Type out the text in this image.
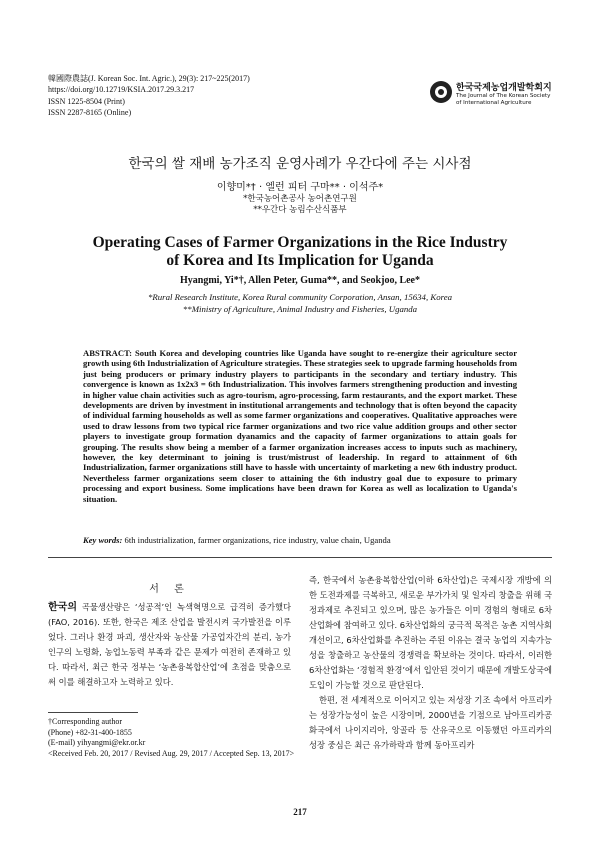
韓國際農誌(J. Korean Soc. Int. Agric.), 29(3): 217~225(2017)
https://doi.org/10.12719/KSIA.2017.29.3.217
ISSN 1225-8504 (Print)
ISSN 2287-8165 (Online)
한국국제농업개발학회지
The Journal of The Korean Society
of International Agriculture
한국의 쌀 재배 농가조직 운영사례가 우간다에 주는 시사점
이향미*† · 엘런 피터 구마** · 이석주*
*한국농어촌공사 농어촌연구원
**우간다 농림수산식품부
Operating Cases of Farmer Organizations in the Rice Industry
of Korea and Its Implication for Uganda
Hyangmi, Yi*†, Allen Peter, Guma**, and Seokjoo, Lee*
*Rural Research Institute, Korea Rural community Corporation, Ansan, 15634, Korea
**Ministry of Agriculture, Animal Industry and Fisheries, Uganda
ABSTRACT: South Korea and developing countries like Uganda have sought to re-energize their agriculture sector growth using 6th Industrialization of Agriculture strategies. These strategies seek to upgrade farming households from just being producers or primary industry players to participants in the secondary and tertiary industry. This convergence is known as 1x2x3 = 6th Industrialization. This involves farmers strengthening production and investing in higher value chain activities such as agro-tourism, agro-processing, farm restaurants, and the export market. These developments are driven by investment in institutional arrangements and technology that is often beyond the capacity of individual farming households as well as some farmer organizations and cooperatives. Qualitative approaches were used to draw lessons from two typical rice farmer organizations and two rice value addition groups and other sector players to investigate group formation dyanamics and the capacity of farmer organizations to attain goals for grouping. The results show being a member of a farmer organization increases access to inputs such as machinery, however, the key determinant to joining is trust/mistrust of leadership. In regard to attainment of 6th Industrialization, farmer organizations still have to hassle with uncertainty of marketing a new 6th industry product. Nevertheless farmer organizations seem closer to attaining the 6th industry goal due to exposure to primary processing and export business. Some implications have been drawn for Korea as well as localization to Uganda's situation.
Key words: 6th industrialization, farmer organizations, rice industry, value chain, Uganda
서 론
한국의 곡물생산량은 ‘성공적’인 녹색혁명으로 급격히 증가했다(FAO, 2016). 또한, 한국은 제조 산업을 발전시켜 국가발전을 이루었다. 그러나 환경 파괴, 생산자와 농산물 가공업자간의 분리, 농가인구의 노령화, 농업노동력 부족과 같은 문제가 여전히 존재하고 있다. 따라서, 최근 한국 정부는 ‘농촌융복합산업’에 초점을 맞춤으로써 이를 해결하고자 노력하고 있다.
즉, 한국에서 농촌융복합산업(이하 6차산업)은 국제시장 개방에 의한 도전과제를 극복하고, 새로운 부가가치 및 일자리 창출을 위해 국정과제로 추진되고 있으며, 많은 농가들은 이미 경험의 형태로 6차산업화에 참여하고 있다. 6차산업화의 궁극적 목적은 농촌 지역사회 개선이고, 6차산업화를 추진하는 주된 이유는 결국 농업의 지속가능성을 창출하고 농산물의 경쟁력을 확보하는 것이다. 따라서, 이러한 6차산업화는 ‘경험적 환경’에서 입안된 것이기 때문에 개발도상국에 도입이 가능할 것으로 판단된다.
한편, 전 세계적으로 이어지고 있는 저성장 기조 속에서 아프리카는 성장가능성이 높은 시장이며, 2000년을 기점으로 남아프리카공화국에서 나이지리아, 앙골라 등 산유국으로 이동했던 아프리카의 성장 중심은 최근 유가하락과 함께 동아프리카
†Corresponding author
(Phone) +82-31-400-1855
(E-mail) yihyangmi@ekr.or.kr
<Received Feb. 20, 2017 / Revised Aug. 29, 2017 / Accepted Sep. 13, 2017>
217
